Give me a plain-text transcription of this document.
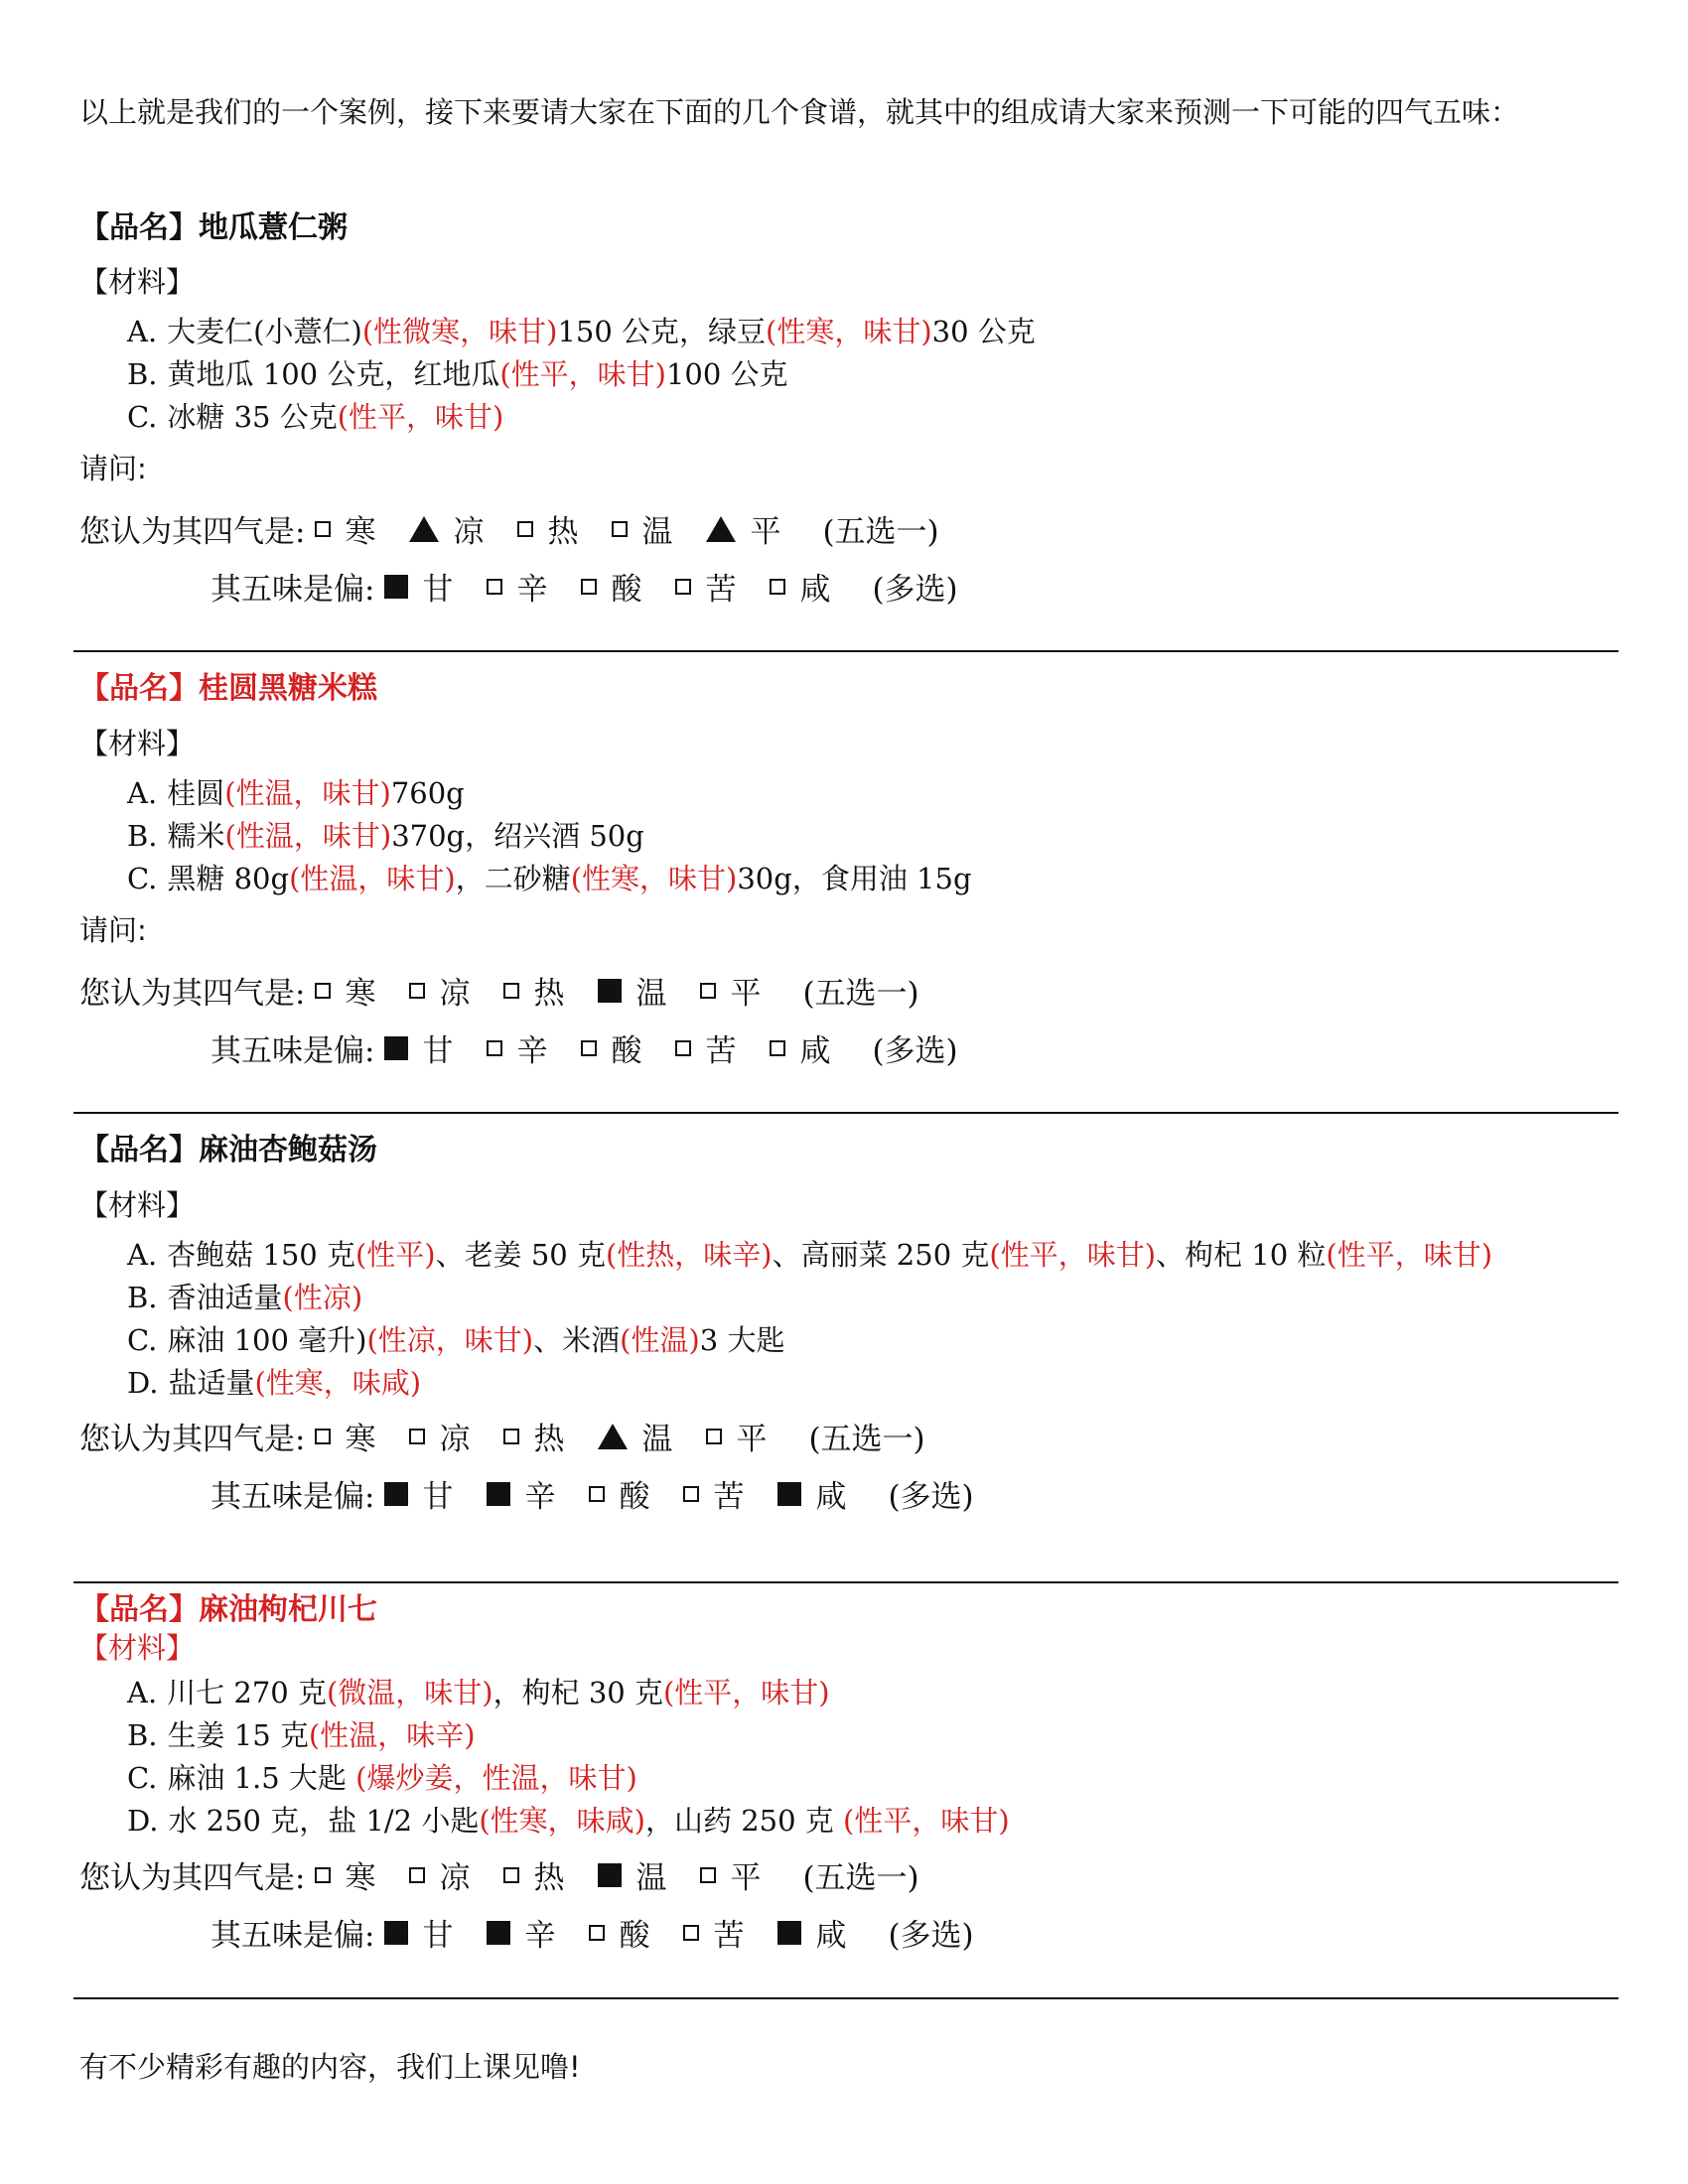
以上就是我们的一个案例，接下来要请大家在下面的几个食谱，就其中的组成请大家来预测一下可能的四气五味：
【品名】地瓜薏仁粥
【材料】
A. 大麦仁(小薏仁)(性微寒，味甘)150 公克，绿豆(性寒，味甘)30 公克
B. 黄地瓜 100 公克，红地瓜(性平，味甘)100 公克
C. 冰糖 35 公克(性平，味甘)
请问:
您认为其四气是: 寒	凉 热 温	平 (五选一)
其五味是偏: 甘 辛 酸 苦 咸 (多选)
【品名】桂圆黑糖米糕
【材料】
A. 桂圆(性温，味甘)760g
B. 糯米(性温，味甘)370g，绍兴酒 50g
C. 黑糖 80g(性温，味甘)，二砂糖(性寒，味甘)30g，食用油 15g
请问:
您认为其四气是: 寒 凉 热 温 平 (五选一)
其五味是偏: 甘 辛 酸 苦 咸 (多选)
【品名】麻油杏鲍菇汤
【材料】
A. 杏鲍菇 150 克(性平)、老姜 50 克(性热，味辛)、高丽菜 250 克(性平，味甘)、枸杞 10 粒(性平，味甘)
B. 香油适量(性凉)
C. 麻油 100 毫升)(性凉，味甘)、米酒(性温)3 大匙
D. 盐适量(性寒，味咸)
您认为其四气是: 寒 凉 热	温 平 (五选一)
其五味是偏: 甘 辛 酸 苦 咸 (多选)
【品名】麻油枸杞川七
【材料】
A. 川七 270 克(微温，味甘)，枸杞 30 克(性平，味甘)
B. 生姜 15 克(性温，味辛)
C. 麻油 1.5 大匙 (爆炒姜，性温，味甘)
D. 水 250 克，盐 1/2 小匙(性寒，味咸)，山药 250 克 (性平，味甘)
您认为其四气是: 寒 凉 热 温 平 (五选一)
其五味是偏: 甘 辛 酸 苦 咸 (多选)
有不少精彩有趣的内容，我们上课见噜!
